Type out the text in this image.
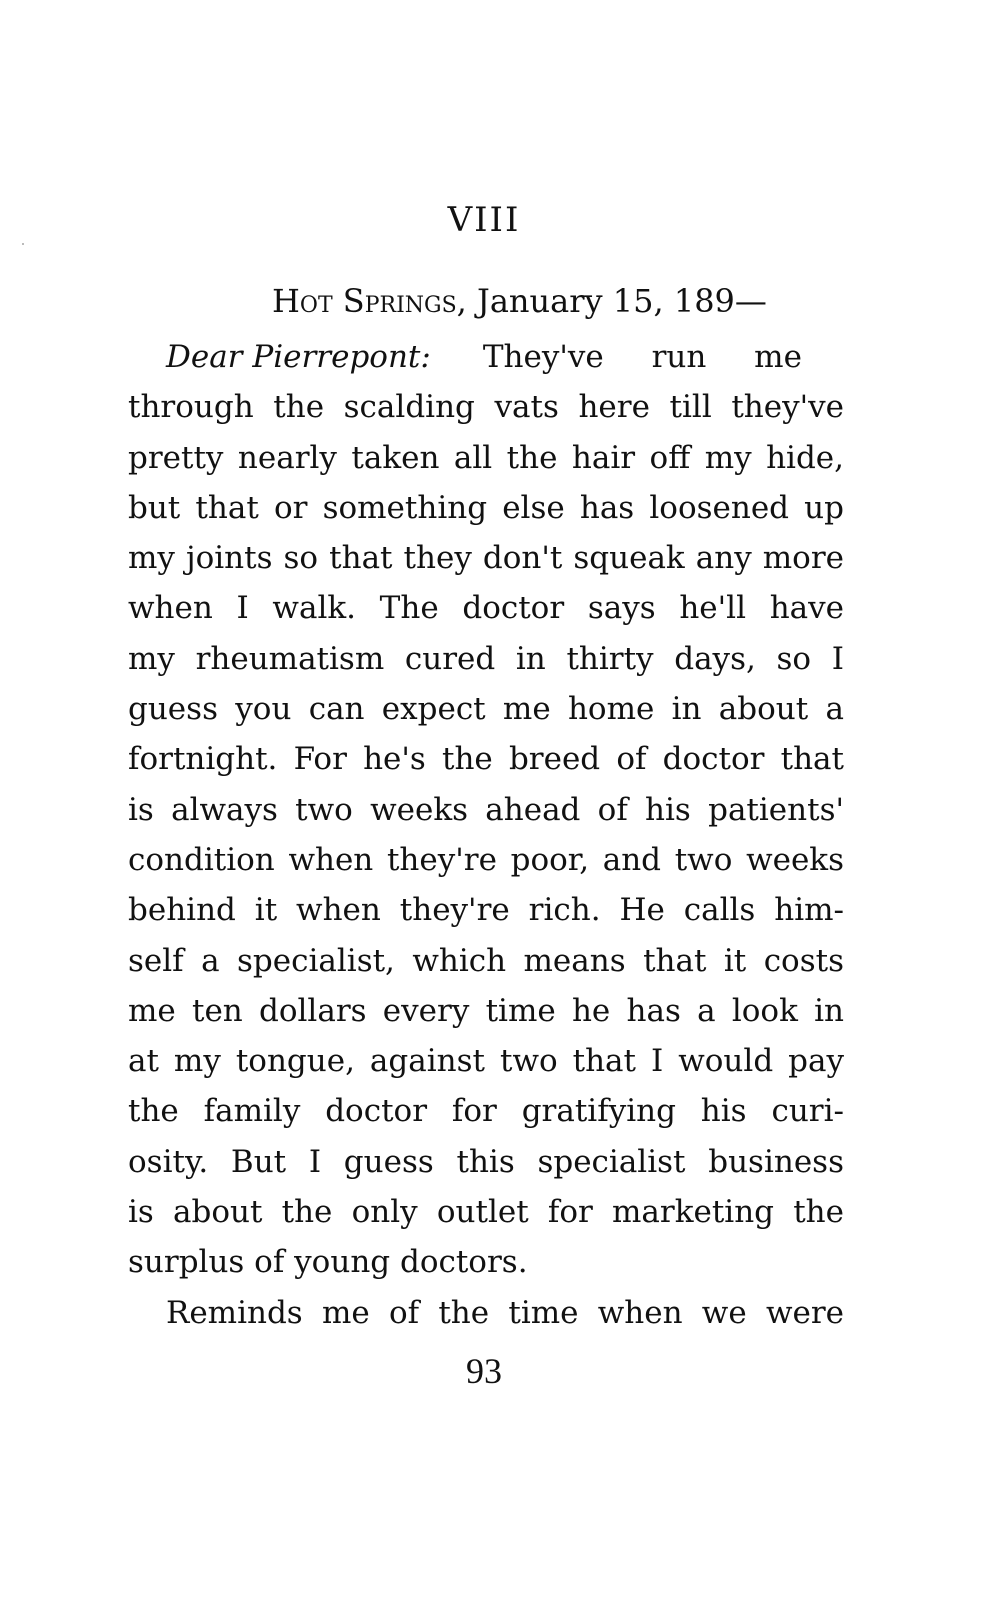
VIII
Hot Springs, January 15, 189—
Dear Pierrepont: They've run me
through the scalding vats here till they've
pretty nearly taken all the hair off my hide,
but that or something else has loosened up
my joints so that they don't squeak any more
when I walk. The doctor says he'll have
my rheumatism cured in thirty days, so I
guess you can expect me home in about a
fortnight. For he's the breed of doctor that
is always two weeks ahead of his patients'
condition when they're poor, and two weeks
behind it when they're rich. He calls him-
self a specialist, which means that it costs
me ten dollars every time he has a look in
at my tongue, against two that I would pay
the family doctor for gratifying his curi-
osity. But I guess this specialist business
is about the only outlet for marketing the
surplus of young doctors.
Reminds me of the time when we were
93
